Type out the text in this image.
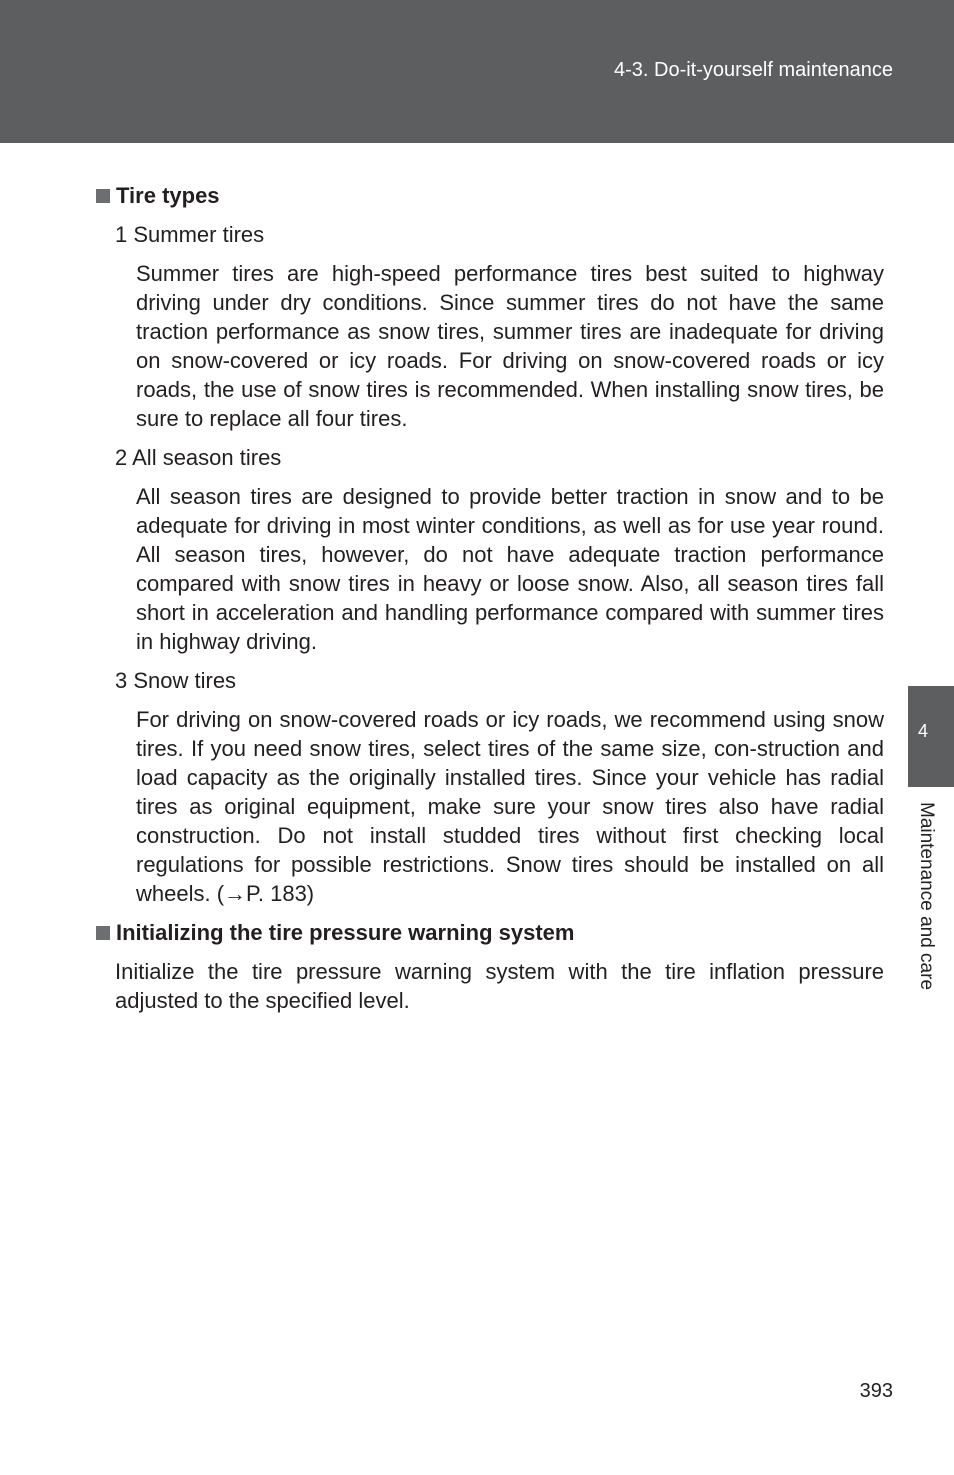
4-3. Do-it-yourself maintenance
4
Maintenance and care
Tire types
1 Summer tires
Summer tires are high-speed performance tires best suited to highway driving under dry conditions. Since summer tires do not have the same traction performance as snow tires, summer tires are inadequate for driving on snow-covered or icy roads. For driving on snow-covered roads or icy roads, the use of snow tires is recommended. When installing snow tires, be sure to replace all four tires.
2 All season tires
All season tires are designed to provide better traction in snow and to be adequate for driving in most winter conditions, as well as for use year round. All season tires, however, do not have adequate traction performance compared with snow tires in heavy or loose snow. Also, all season tires fall short in acceleration and handling performance compared with summer tires in highway driving.
3 Snow tires
For driving on snow-covered roads or icy roads, we recommend using snow tires. If you need snow tires, select tires of the same size, con-struction and load capacity as the originally installed tires. Since your vehicle has radial tires as original equipment, make sure your snow tires also have radial construction. Do not install studded tires without first checking local regulations for possible restrictions. Snow tires should be installed on all wheels. (→P. 183)
Initializing the tire pressure warning system
Initialize the tire pressure warning system with the tire inflation pressure adjusted to the specified level.
393
